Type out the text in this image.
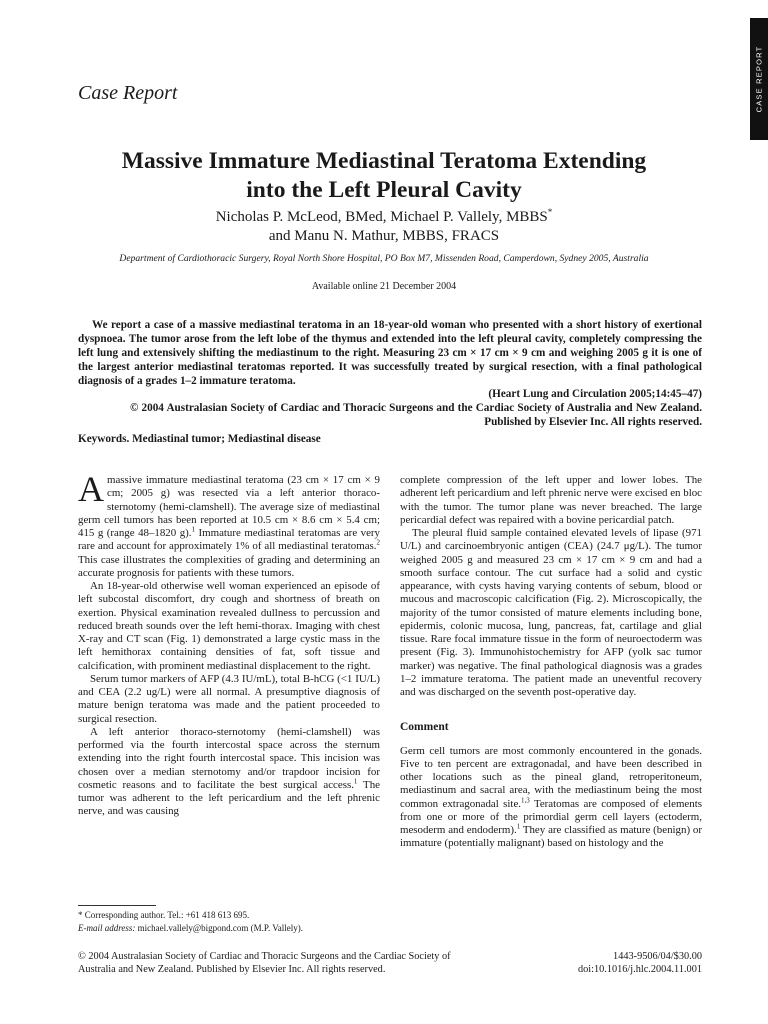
CASE REPORT
Case Report
Massive Immature Mediastinal Teratoma Extending
into the Left Pleural Cavity
Nicholas P. McLeod, BMed, Michael P. Vallely, MBBS*
and Manu N. Mathur, MBBS, FRACS
Department of Cardiothoracic Surgery, Royal North Shore Hospital, PO Box M7, Missenden Road, Camperdown, Sydney 2005, Australia
Available online 21 December 2004

We report a case of a massive mediastinal teratoma in an 18-year-old woman who presented with a short history of exertional dyspnoea. The tumor arose from the left lobe of the thymus and extended into the left pleural cavity, completely compressing the left lung and extensively shifting the mediastinum to the right. Measuring 23 cm × 17 cm × 9 cm and weighing 2005 g it is one of the largest anterior mediastinal teratomas reported. It was successfully treated by surgical resection, with a final pathological diagnosis of a grades 1–2 immature teratoma.

(Heart Lung and Circulation 2005;14:45–47)
© 2004 Australasian Society of Cardiac and Thoracic Surgeons and the Cardiac Society of Australia and New Zealand. Published by Elsevier Inc. All rights reserved.
Keywords. Mediastinal tumor; Mediastinal disease

Amassive immature mediastinal teratoma (23 cm × 17 cm × 9 cm; 2005 g) was resected via a left anterior thoraco-sternotomy (hemi-clamshell). The average size of mediastinal germ cell tumors has been reported at 10.5 cm × 8.6 cm × 5.4 cm; 415 g (range 48–1820 g).$^1$ Immature mediastinal teratomas are very rare and account for approximately 1% of all mediastinal teratomas.$^2$ This case illustrates the complexities of grading and determining an accurate prognosis for patients with these tumors.

An 18-year-old otherwise well woman experienced an episode of left subcostal discomfort, dry cough and shortness of breath on exertion. Physical examination revealed dullness to percussion and reduced breath sounds over the left hemi-thorax. Imaging with chest X-ray and CT scan (Fig. 1) demonstrated a large cystic mass in the left hemithorax containing densities of fat, soft tissue and calcification, with prominent mediastinal displacement to the right.

Serum tumor markers of AFP (4.3 IU/mL), total B-hCG (<1 IU/L) and CEA (2.2 ug/L) were all normal. A presumptive diagnosis of mature benign teratoma was made and the patient proceeded to surgical resection.

A left anterior thoraco-sternotomy (hemi-clamshell) was performed via the fourth intercostal space across the sternum extending into the right fourth intercostal space. This incision was chosen over a median sternotomy and/or trapdoor incision for cosmetic reasons and to facilitate the best surgical access.$^1$ The tumor was adherent to the left pericardium and the left phrenic nerve, and was causing

complete compression of the left upper and lower lobes. The adherent left pericardium and left phrenic nerve were excised en bloc with the tumor. The tumor plane was never breached. The large pericardial defect was repaired with a bovine pericardial patch.

The pleural fluid sample contained elevated levels of lipase (971 U/L) and carcinoembryonic antigen (CEA) (24.7 μg/L). The tumor weighed 2005 g and measured 23 cm × 17 cm × 9 cm and had a smooth surface contour. The cut surface had a solid and cystic appearance, with cysts having varying contents of sebum, blood or mucous and macroscopic calcification (Fig. 2). Microscopically, the majority of the tumor consisted of mature elements including bone, epidermis, colonic mucosa, lung, pancreas, fat, cartilage and glial tissue. Rare focal immature tissue in the form of neuroectoderm was present (Fig. 3). Immunohistochemistry for AFP (yolk sac tumor marker) was negative. The final pathological diagnosis was a grades 1–2 immature teratoma. The patient made an uneventful recovery and was discharged on the seventh post-operative day.

Comment

Germ cell tumors are most commonly encountered in the gonads. Five to ten percent are extragonadal, and have been described in other locations such as the pineal gland, retroperitoneum, mediastinum and sacral area, with the mediastinum being the most common extragonadal site.$^{1,3}$ Teratomas are composed of elements from one or more of the primordial germ cell layers (ectoderm, mesoderm and endoderm).$^1$ They are classified as mature (benign) or immature (potentially malignant) based on histology and the

* Corresponding author. Tel.: +61 418 613 695.
E-mail address: michael.vallely@bigpond.com (M.P. Vallely).
© 2004 Australasian Society of Cardiac and Thoracic Surgeons and the Cardiac Society of
Australia and New Zealand. Published by Elsevier Inc. All rights reserved.
1443-9506/04/$30.00
doi:10.1016/j.hlc.2004.11.001
